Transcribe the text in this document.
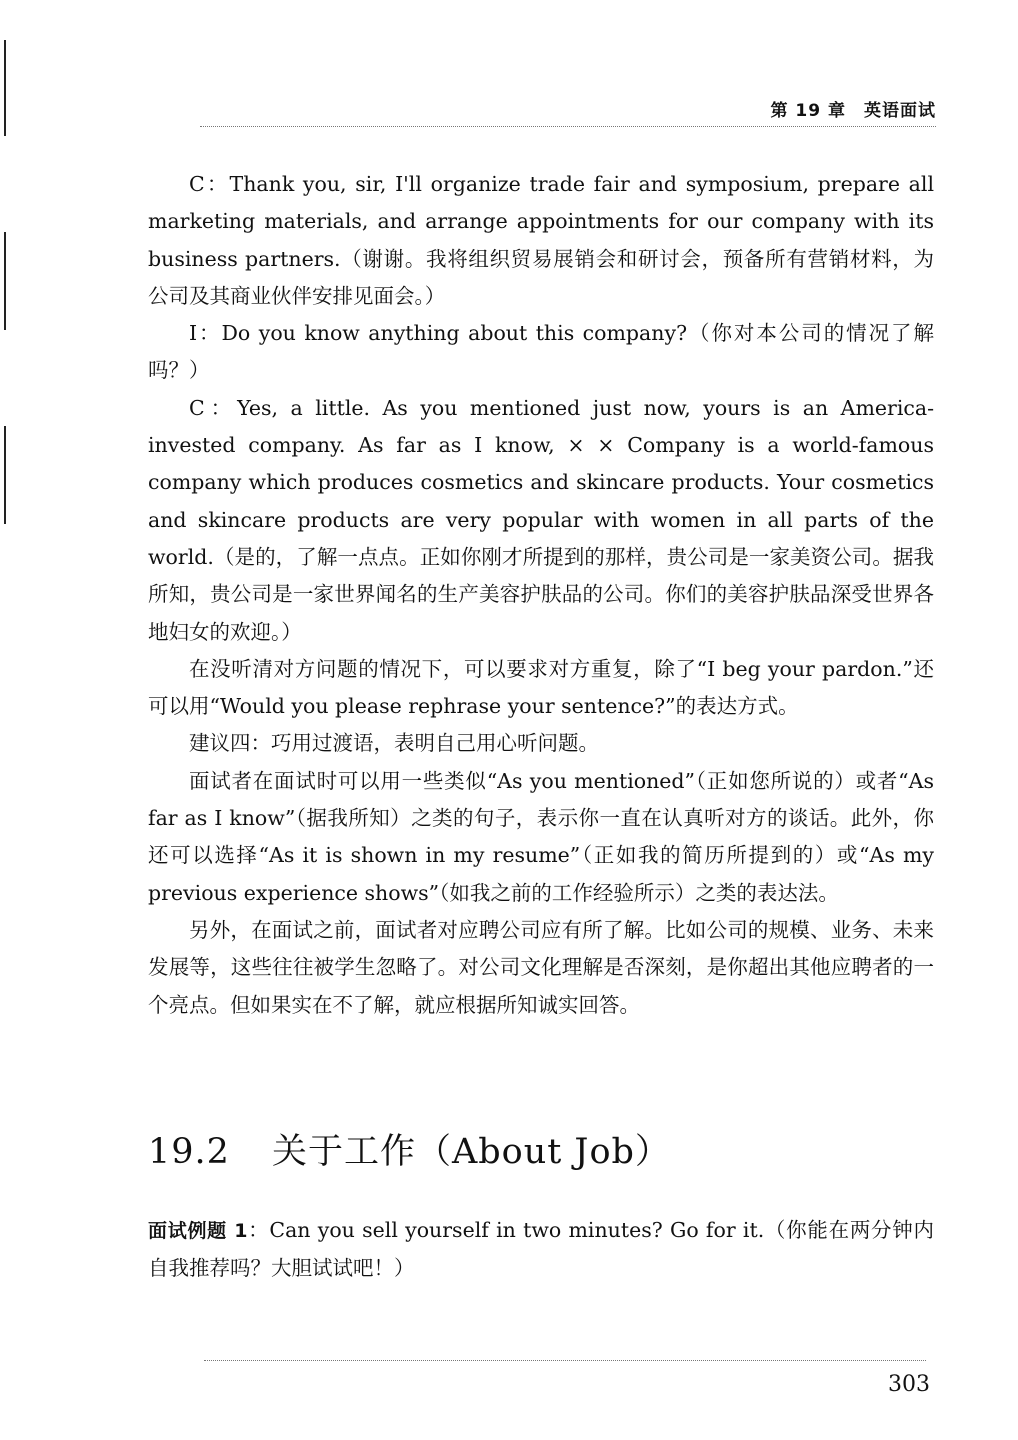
第 19 章 英语面试

C：Thank you, sir, I'll organize trade fair and symposium, prepare all marketing materials, and arrange appointments for our company with its business partners.（谢谢。我将组织贸易展销会和研讨会，预备所有营销材料，为公司及其商业伙伴安排见面会。）

I：Do you know anything about this company?（你对本公司的情况了解吗？）

C：Yes, a little. As you mentioned just now, yours is an America-invested company. As far as I know, × × Company is a world-famous company which produces cosmetics and skincare products. Your cosmetics and skincare products are very popular with women in all parts of the world.（是的，了解一点点。正如你刚才所提到的那样，贵公司是一家美资公司。据我所知，贵公司是一家世界闻名的生产美容护肤品的公司。你们的美容护肤品深受世界各地妇女的欢迎。）

在没听清对方问题的情况下，可以要求对方重复，除了“I beg your pardon.”还可以用“Would you please rephrase your sentence?”的表达方式。

建议四：巧用过渡语，表明自己用心听问题。

面试者在面试时可以用一些类似“As you mentioned”（正如您所说的）或者“As far as I know”（据我所知）之类的句子，表示你一直在认真听对方的谈话。此外，你还可以选择“As it is shown in my resume”（正如我的简历所提到的）或“As my previous experience shows”（如我之前的工作经验所示）之类的表达法。

另外，在面试之前，面试者对应聘公司应有所了解。比如公司的规模、业务、未来发展等，这些往往被学生忽略了。对公司文化理解是否深刻，是你超出其他应聘者的一个亮点。但如果实在不了解，就应根据所知诚实回答。

19.2 关于工作（About Job）
面试例题 1：Can you sell yourself in two minutes? Go for it.（你能在两分钟内自我推荐吗？大胆试试吧！）
303
